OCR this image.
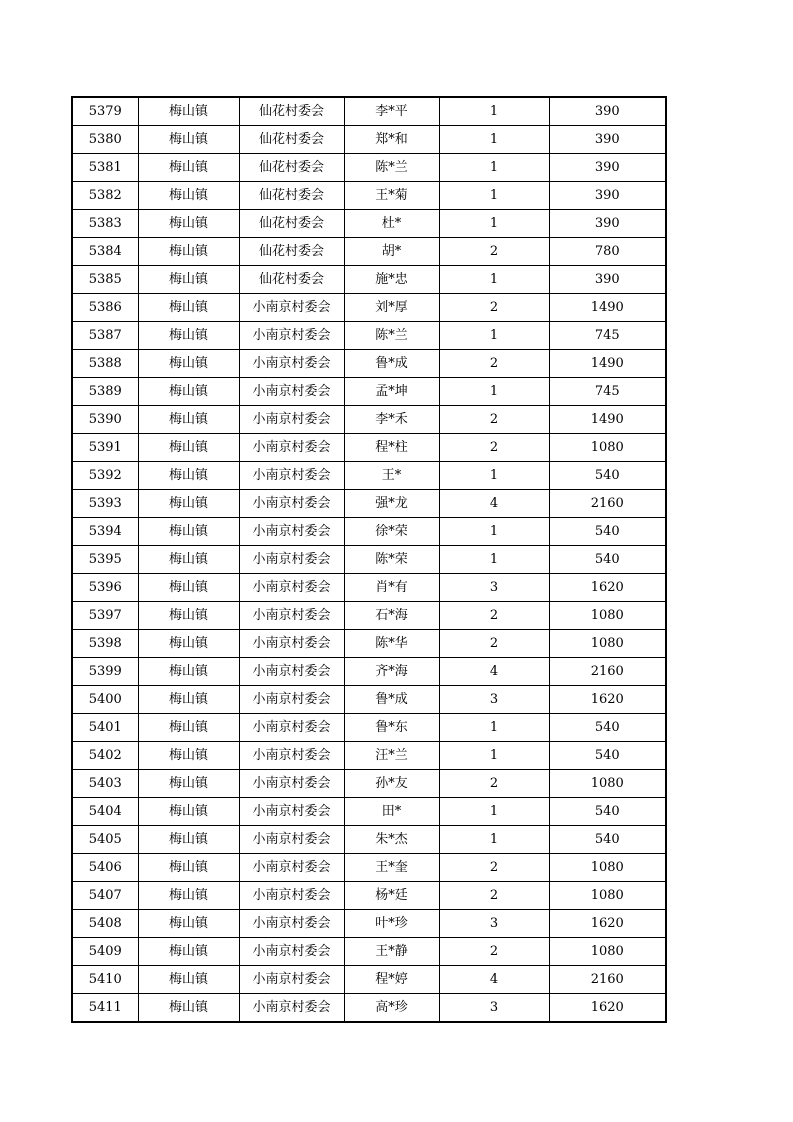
5379	梅山镇	仙花村委会	李*平	1	390
5380	梅山镇	仙花村委会	郑*和	1	390
5381	梅山镇	仙花村委会	陈*兰	1	390
5382	梅山镇	仙花村委会	王*菊	1	390
5383	梅山镇	仙花村委会	杜*	1	390
5384	梅山镇	仙花村委会	胡*	2	780
5385	梅山镇	仙花村委会	施*忠	1	390
5386	梅山镇	小南京村委会	刘*厚	2	1490
5387	梅山镇	小南京村委会	陈*兰	1	745
5388	梅山镇	小南京村委会	鲁*成	2	1490
5389	梅山镇	小南京村委会	孟*坤	1	745
5390	梅山镇	小南京村委会	李*禾	2	1490
5391	梅山镇	小南京村委会	程*柱	2	1080
5392	梅山镇	小南京村委会	王*	1	540
5393	梅山镇	小南京村委会	强*龙	4	2160
5394	梅山镇	小南京村委会	徐*荣	1	540
5395	梅山镇	小南京村委会	陈*荣	1	540
5396	梅山镇	小南京村委会	肖*有	3	1620
5397	梅山镇	小南京村委会	石*海	2	1080
5398	梅山镇	小南京村委会	陈*华	2	1080
5399	梅山镇	小南京村委会	齐*海	4	2160
5400	梅山镇	小南京村委会	鲁*成	3	1620
5401	梅山镇	小南京村委会	鲁*东	1	540
5402	梅山镇	小南京村委会	汪*兰	1	540
5403	梅山镇	小南京村委会	孙*友	2	1080
5404	梅山镇	小南京村委会	田*	1	540
5405	梅山镇	小南京村委会	朱*杰	1	540
5406	梅山镇	小南京村委会	王*奎	2	1080
5407	梅山镇	小南京村委会	杨*廷	2	1080
5408	梅山镇	小南京村委会	叶*珍	3	1620
5409	梅山镇	小南京村委会	王*静	2	1080
5410	梅山镇	小南京村委会	程*婷	4	2160
5411	梅山镇	小南京村委会	高*珍	3	1620
